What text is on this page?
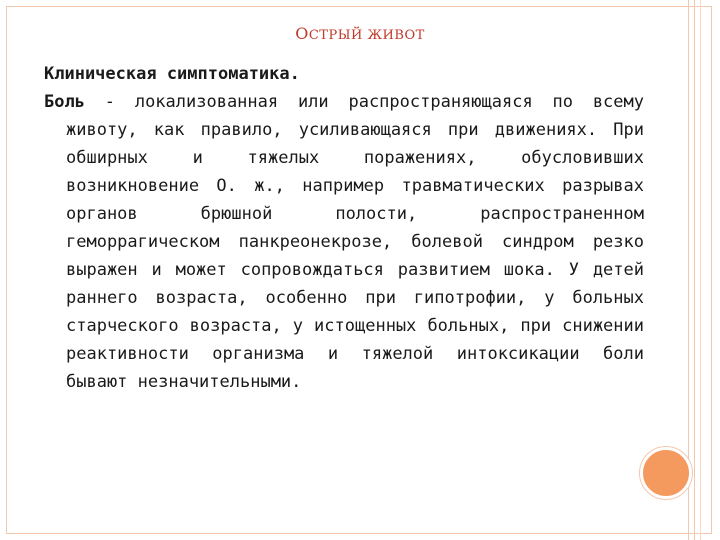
ОСТРЫЙ ЖИВОТ

Клиническая симптоматика.

Боль - локализованная или распространяющаяся по всему животу, как правило, усиливающаяся при движениях. При обширных и тяжелых поражениях, обусловивших возникновение О. ж., например травматических разрывах органов брюшной полости, распространенном геморрагическом панкреонекрозе, болевой синдром резко выражен и может сопровождаться развитием шока. У детей раннего возраста, особенно при гипотрофии, у больных старческого возраста, у истощенных больных, при снижении реактивности организма и тяжелой интоксикации боли бывают незначительными.
